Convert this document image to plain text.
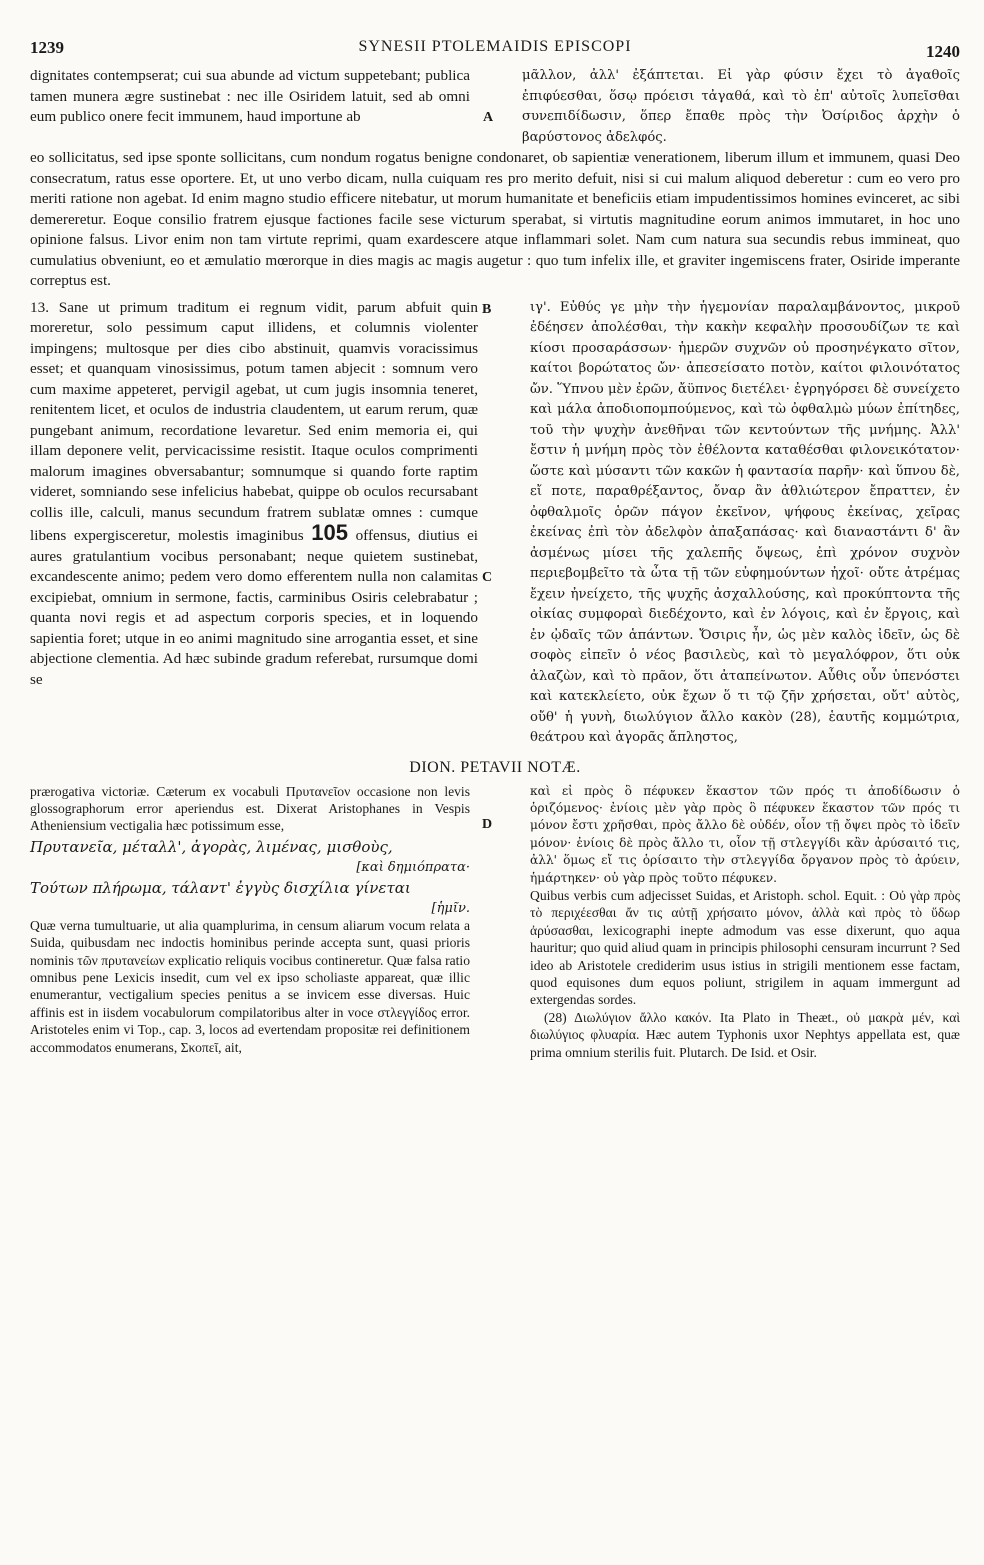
1239	SYNESII PTOLEMAIDIS EPISCOPI	1240

dignitates contempserat; cui sua abunde ad victum suppetebant; publica tamen munera ægre sustinebat : nec ille Osiridem latuit, sed ab omni eum publico onere fecit immunem, haud importune ab

μᾶλλον, ἀλλ' ἐξάπτεται. Εἰ γὰρ φύσιν ἔχει τὸ ἀγαθοῖς ἐπιφύεσθαι, ὅσῳ πρόεισι τἀγαθά, καὶ τὸ ἐπ' αὐτοῖς λυπεῖσθαι συνεπιδίδωσιν, ὅπερ ἔπαθε πρὸς τὴν Ὀσίριδος ἀρχὴν ὁ βαρύστονος ἀδελφός.

A

eo sollicitatus, sed ipse sponte sollicitans, cum nondum rogatus benigne condonaret, ob sapientiæ venerationem, liberum illum et immunem, quasi Deo consecratum, ratus esse oportere. Et, ut uno verbo dicam, nulla cuiquam res pro merito defuit, nisi si cui malum aliquod deberetur : cum eo vero pro meriti ratione non agebat. Id enim magno studio efficere nitebatur, ut morum humanitate et beneficiis etiam impudentissimos homines evinceret, ac sibi demereretur. Eoque consilio fratrem ejusque factiones facile sese victurum sperabat, si virtutis magnitudine eorum animos immutaret, in hoc uno opinione falsus. Livor enim non tam virtute reprimi, quam exardescere atque inflammari solet. Nam cum natura sua secundis rebus immineat, quo cumulatius obveniunt, eo et æmulatio mœrorque in dies magis ac magis augetur : quo tum infelix ille, et graviter ingemiscens frater, Osiride imperante correptus est.

13. Sane ut primum traditum ei regnum vidit, parum abfuit quin moreretur, solo pessimum caput illidens, et columnis violenter impingens; multosque per dies cibo abstinuit, quamvis voracissimus esset; et quanquam vinosissimus, potum tamen abjecit : somnum vero cum maxime appeteret, pervigil agebat, ut cum jugis insomnia teneret, renitentem licet, et oculos de industria claudentem, ut earum rerum, quæ pungebant animum, recordatione levaretur. Sed enim memoria ei, qui illam deponere velit, pervicacissime resistit. Itaque oculos comprimenti malorum imagines obversabantur; somnumque si quando forte raptim videret, somniando sese infelicius habebat, quippe ob oculos recursabant collis ille, calculi, manus secundum fratrem sublatæ omnes : cumque libens expergisceretur, molestis imaginibus 105 offensus, diutius ei aures gratulantium vocibus personabant; neque quietem sustinebat, excandescente animo; pedem vero domo efferentem nulla non calamitas excipiebat, omnium in sermone, factis, carminibus Osiris celebrabatur ; quanta novi regis et ad aspectum corporis species, et in loquendo sapientia foret; utque in eo animi magnitudo sine arrogantia esset, et sine abjectione clementia. Ad hæc subinde gradum referebat, rursumque domi se

ιγ'. Εὐθύς γε μὴν τὴν ἡγεμονίαν παραλαμβάνοντος, μικροῦ ἐδέησεν ἀπολέσθαι, τὴν κακὴν κεφαλὴν προσουδίζων τε καὶ κίοσι προσαράσσων· ἡμερῶν συχνῶν οὐ προσηνέγκατο σῖτον, καίτοι βορώτατος ὤν· ἀπεσείσατο ποτὸν, καίτοι φιλοινότατος ὤν. Ὕπνου μὲν ἐρῶν, ἄϋπνος διετέλει· ἐγρηγόρσει δὲ συνείχετο καὶ μάλα ἀποδιοπομπούμενος, καὶ τὼ ὀφθαλμὼ μύων ἐπίτηδες, τοῦ τὴν ψυχὴν ἀνεθῆναι τῶν κεντούντων τῆς μνήμης. Ἀλλ' ἔστιν ἡ μνήμη πρὸς τὸν ἐθέλοντα καταθέσθαι φιλονεικότατον· ὥστε καὶ μύσαντι τῶν κακῶν ἡ φαντασία παρῆν· καὶ ὕπνου δὲ, εἴ ποτε, παραθρέξαντος, ὄναρ ἂν ἀθλιώτερον ἔπραττεν, ἐν ὀφθαλμοῖς ὁρῶν πάγον ἐκεῖνον, ψήφους ἐκείνας, χεῖρας ἐκείνας ἐπὶ τὸν ἀδελφὸν ἀπαξαπάσας· καὶ διαναστάντι δ' ἂν ἀσμένως μίσει τῆς χαλεπῆς ὄψεως, ἐπὶ χρόνον συχνὸν περιεβομβεῖτο τὰ ὦτα τῇ τῶν εὐφημούντων ἠχοῖ· οὔτε ἀτρέμας ἔχειν ἠνείχετο, τῆς ψυχῆς ἀσχαλλούσης, καὶ προκύπτοντα τῆς οἰκίας συμφοραὶ διεδέχοντο, καὶ ἐν λόγοις, καὶ ἐν ἔργοις, καὶ ἐν ᾠδαῖς τῶν ἁπάντων. Ὄσιρις ἦν, ὡς μὲν καλὸς ἰδεῖν, ὡς δὲ σοφὸς εἰπεῖν ὁ νέος βασιλεὺς, καὶ τὸ μεγαλόφρον, ὅτι οὐκ ἀλαζὼν, καὶ τὸ πρᾶον, ὅτι ἀταπείνωτον. Αὖθις οὖν ὑπενόστει καὶ κατεκλείετο, οὐκ ἔχων ὅ τι τῷ ζῆν χρήσεται, οὔτ' αὐτὸς, οὔθ' ἡ γυνὴ, διωλύγιον ἄλλο κακὸν (28), ἑαυτῆς κομμώτρια, θεάτρου καὶ ἀγορᾶς ἄπληστος,

B
C
DION. PETAVII NOTÆ.

prærogativa victoriæ. Cæterum ex vocabuli Πρυτανεῖον occasione non levis glossographorum error aperiendus est. Dixerat Aristophanes in Vespis Atheniensium vectigalia hæc potissimum esse,

Πρυτανεῖα, μέταλλ', ἀγορὰς, λιμένας, μισθοὺς,
[καὶ δημιόπρατα·
Τούτων πλήρωμα, τάλαντ' ἐγγὺς δισχίλια γίνεται
[ἡμῖν.

Quæ verna tumultuarie, ut alia quamplurima, in censum aliarum vocum relata a Suida, quibusdam nec indoctis hominibus perinde accepta sunt, quasi prioris nominis τῶν πρυτανείων explicatio reliquis vocibus contineretur. Quæ falsa ratio omnibus pene Lexicis insedit, cum vel ex ipso scholiaste appareat, quæ illic enumerantur, vectigalium species penitus a se invicem esse diversas. Huic affinis est in iisdem vocabulorum compilatoribus alter in voce στλεγγίδος error. Aristoteles enim vi Top., cap. 3, locos ad evertendam propositæ rei definitionem accommodatos enumerans, Σκοπεῖ, ait,

καὶ εἰ πρὸς ὃ πέφυκεν ἕκαστον τῶν πρός τι ἀποδίδωσιν ὁ ὁριζόμενος· ἐνίοις μὲν γὰρ πρὸς ὃ πέφυκεν ἕκαστον τῶν πρός τι μόνον ἔστι χρῆσθαι, πρὸς ἄλλο δὲ οὐδέν, οἷον τῇ ὄψει πρὸς τὸ ἰδεῖν μόνον· ἐνίοις δὲ πρὸς ἄλλο τι, οἷον τῇ στλεγγίδι κἂν ἀρύσαιτό τις, ἀλλ' ὅμως εἴ τις ὁρίσαιτο τὴν στλεγγίδα ὄργανον πρὸς τὸ ἀρύειν, ἡμάρτηκεν· οὐ γὰρ πρὸς τοῦτο πέφυκεν.

Quibus verbis cum adjecisset Suidas, et Aristoph. schol. Equit. : Οὐ γὰρ πρὸς τὸ περιχέεσθαι ἄν τις αὐτῇ χρήσαιτο μόνον, ἀλλὰ καὶ πρὸς τὸ ὕδωρ ἀρύσασθαι, lexicographi inepte admodum vas esse dixerunt, quo aqua hauritur; quo quid aliud quam in principis philosophi censuram incurrunt ? Sed ideo ab Aristotele crediderim usus istius in strigili mentionem esse factam, quod equisones dum equos poliunt, strigilem in aquam immergunt ad extergendas sordes.

(28) Διωλύγιον ἄλλο κακόν. Ita Plato in Theæt., οὐ μακρὰ μέν, καὶ διωλύγιος φλυαρία. Hæc autem Typhonis uxor Nephtys appellata est, quæ prima omnium sterilis fuit. Plutarch. De Isid. et Osir.

D
